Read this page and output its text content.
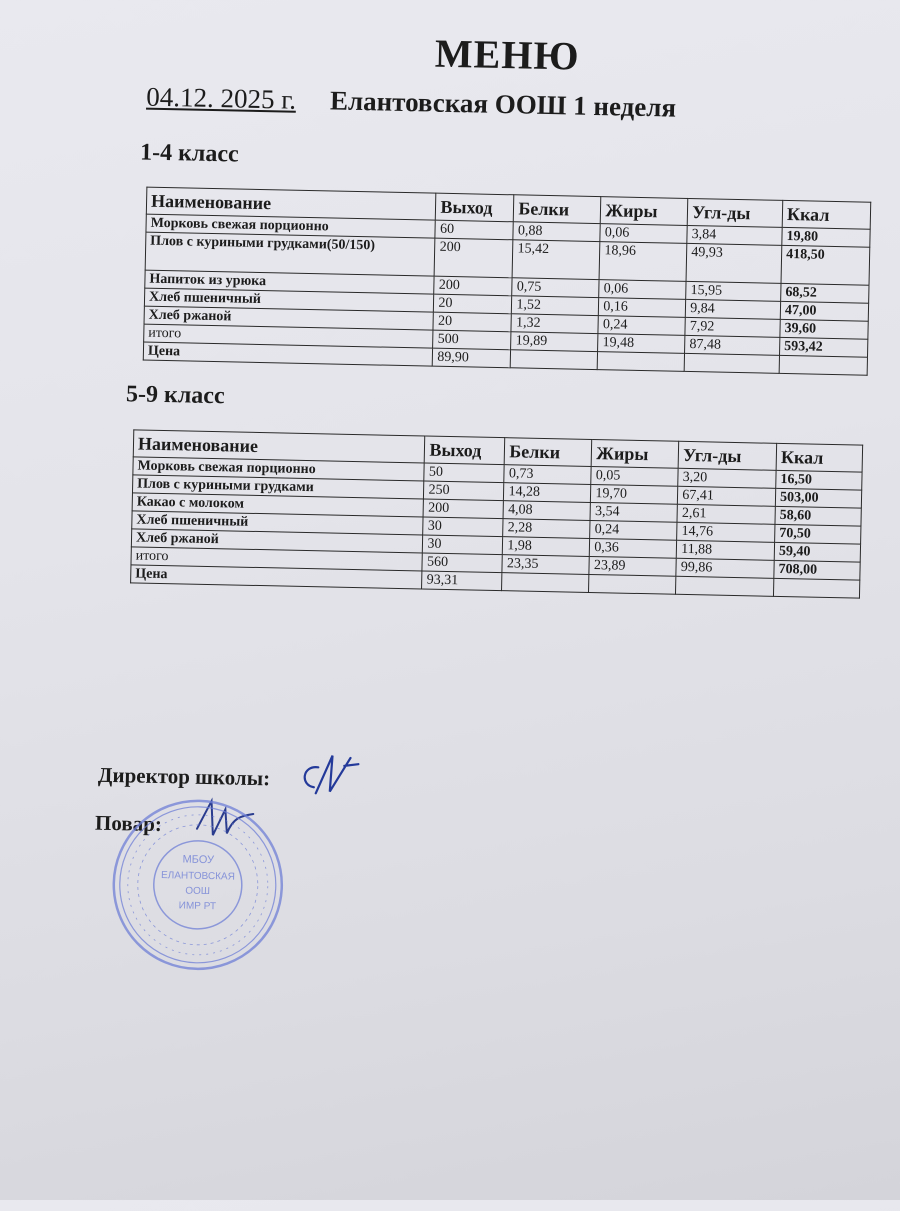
МЕНЮ
04.12. 2025 г. Елантовская ООШ 1 неделя
1-4 класс
Наименование	Выход	Белки	Жиры	Угл-ды	Ккал
Морковь свежая порционно	60	0,88	0,06	3,84	19,80
Плов с куриными грудками(50/150)	200	15,42	18,96	49,93	418,50
Напиток из урюка	200	0,75	0,06	15,95	68,52
Хлеб пшеничный	20	1,52	0,16	9,84	47,00
Хлеб ржаной	20	1,32	0,24	7,92	39,60
итого	500	19,89	19,48	87,48	593,42
Цена	89,90				
5-9 класс
Наименование	Выход	Белки	Жиры	Угл-ды	Ккал
Морковь свежая порционно	50	0,73	0,05	3,20	16,50
Плов с куриными грудками	250	14,28	19,70	67,41	503,00
Какао с молоком	200	4,08	3,54	2,61	58,60
Хлеб пшеничный	30	2,28	0,24	14,76	70,50
Хлеб ржаной	30	1,98	0,36	11,88	59,40
итого	560	23,35	23,89	99,86	708,00
Цена	93,31				
Директор школы:
Повар:
МБОУ
ЕЛАНТОВСКАЯ
ООШ
ИМР РТ
